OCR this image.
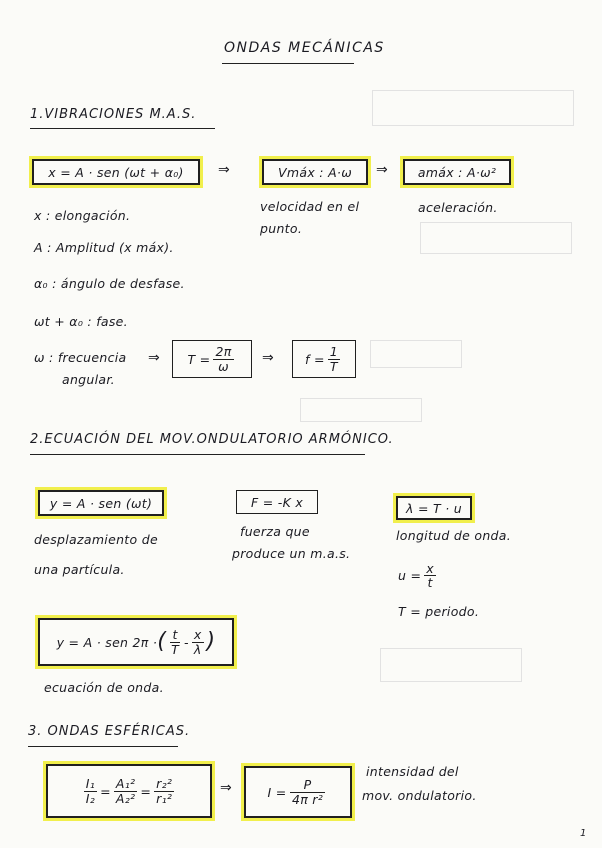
ONDAS MECÁNICAS
1.VIBRACIONES M.A.S.
x = A · sen (ωt + α₀)	⇒	Vmáx : A·ω	⇒	amáx : A·ω²
velocidad en el punto.
aceleración.
x : elongación.
A : Amplitud (x máx).
α₀ : ángulo de desfase.
ωt + α₀ : fase.
ω : frecuencia
angular.
⇒ $T = \frac{2\pi}{\omega}$ ⇒ $f = \frac{1}{T}$
2.ECUACIÓN DEL MOV.ONDULATORIO ARMÓNICO.
y = A · sen (ωt)
desplazamiento de
una partícula.
F = -K x
fuerza que
produce un m.a.s.
λ = T · u
longitud de onda.
$u = \frac{x}{t}$
T = periodo.
y = A · sen 2π · ( $\frac{t}{T} - \frac{x}{\lambda}$ )
ecuación de onda.
3. ONDAS ESFÉRICAS.
$\frac{\text{I₁}}{\text{I₂}} = \frac{\text{A₁²}}{\text{A₂²}} = \frac{\text{r₂²}}{\text{r₁²}}$	⇒	$I = \frac{P}{\text{4π r²}}$
intensidad del
mov. ondulatorio.
1
